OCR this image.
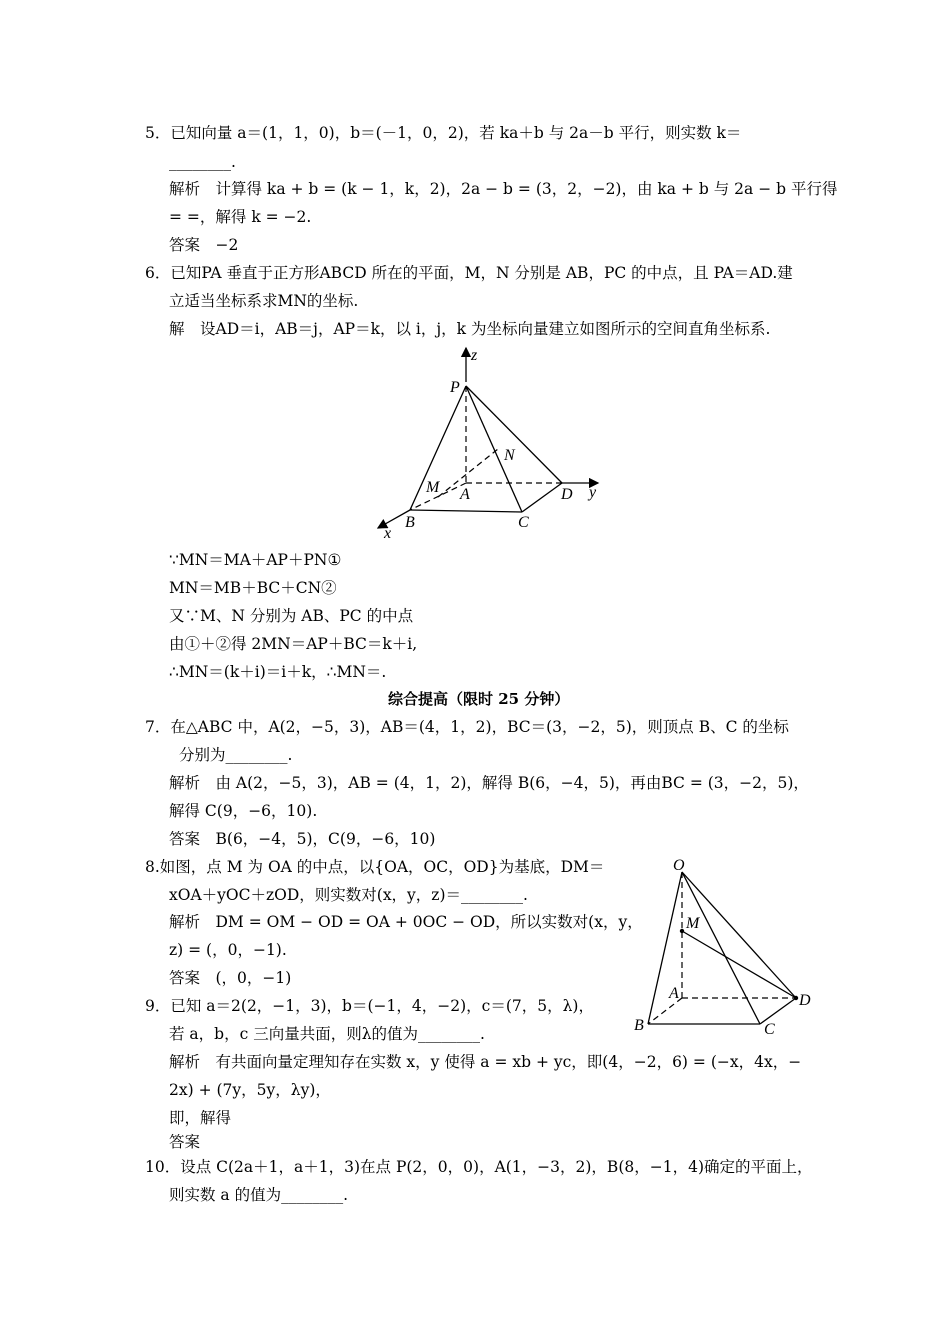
5．已知向量 a＝(1，1，0)，b＝(－1，0，2)，若 ka＋b 与 2a－b 平行，则实数 k＝
________.
解析　计算得 ka + b = (k − 1，k，2)，2a − b = (3，2，−2)，由 ka + b 与 2a − b 平行得
= =，解得 k = −2.
答案　−2
6．已知PA 垂直于正方形ABCD 所在的平面，M，N 分别是 AB，PC 的中点，且 PA＝AD.建
立适当坐标系求MN的坐标.
解　设AD＝i，AB＝j，AP＝k，以 i，j，k 为坐标向量建立如图所示的空间直角坐标系.
z
P
N
M A	D y
B	C
x
∵MN＝MA＋AP＋PN①
MN＝MB＋BC＋CN②
又∵M、N 分别为 AB、PC 的中点
由①＋②得 2MN＝AP＋BC＝k＋i,
∴MN＝(k＋i)＝i＋k，∴MN＝.
综合提高（限时 25 分钟）
7．在△ABC 中，A(2，−5，3)，AB＝(4，1，2)，BC＝(3，−2，5)，则顶点 B、C 的坐标
分别为________.
解析　由 A(2，−5，3)，AB = (4，1，2)，解得 B(6，−4，5)，再由BC = (3，−2，5)，
解得 C(9，−6，10).
答案　B(6，−4，5)，C(9，−6，10)
8.如图，点 M 为 OA 的中点，以{OA，OC，OD}为基底，DM＝
xOA＋yOC＋zOD，则实数对(x，y，z)＝________.
解析　DM = OM − OD = OA + 0OC − OD，所以实数对(x，y，
z) = (，0，−1).
答案　(，0，−1)
O
M
A	D
B	C
9．已知 a＝2(2，−1，3)，b＝(−1，4，−2)，c＝(7，5，λ)，
若 a，b，c 三向量共面，则λ的值为________.
解析　有共面向量定理知存在实数 x，y 使得 a = xb + yc，即(4，−2，6) = (−x，4x，−
2x) + (7y，5y，λy)，
即，解得
答案
10．设点 C(2a＋1，a＋1，3)在点 P(2，0，0)，A(1，−3，2)，B(8，−1，4)确定的平面上，
则实数 a 的值为________.
